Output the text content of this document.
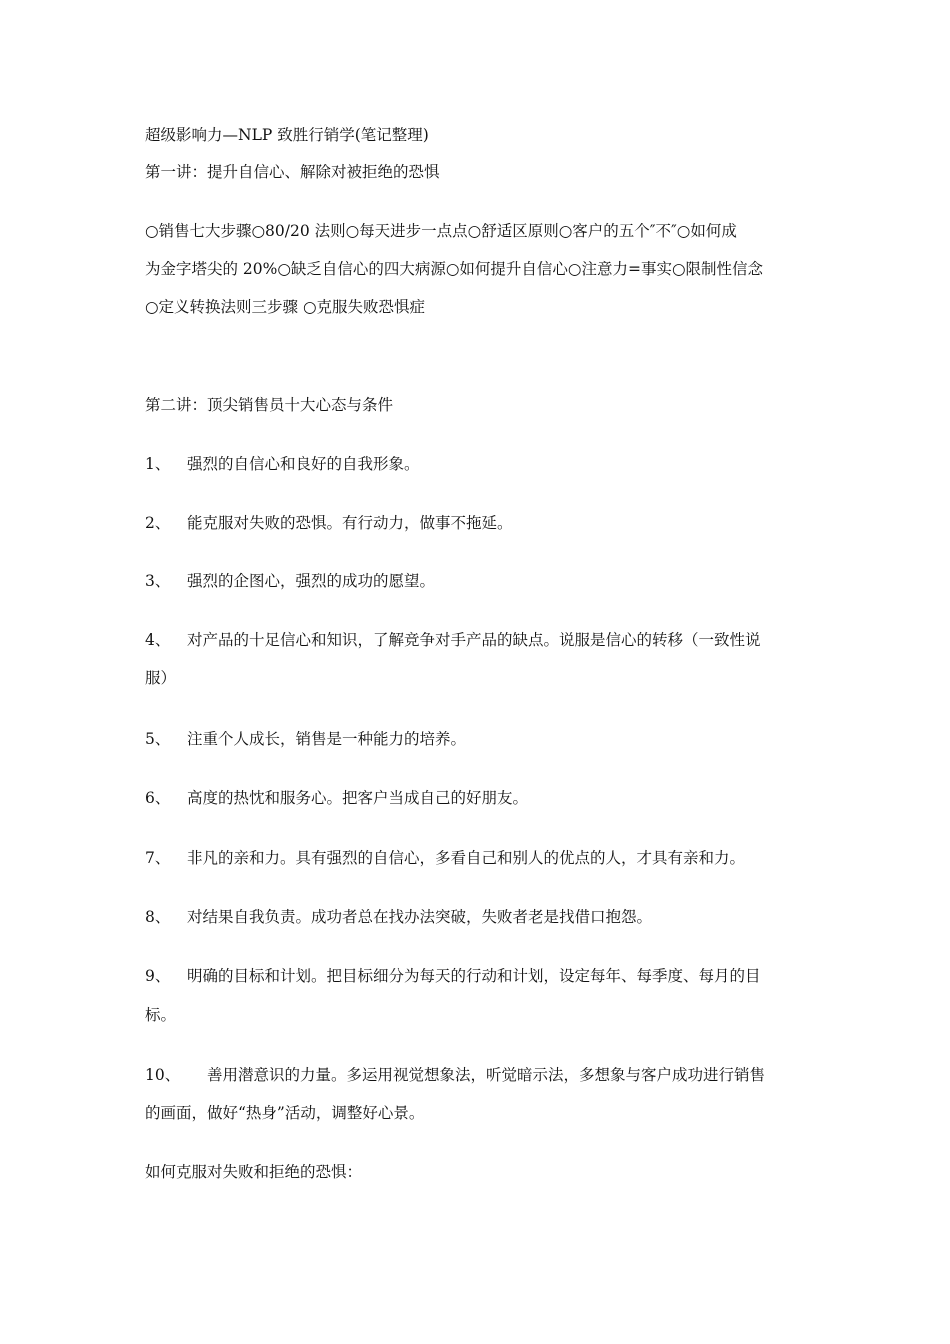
超级影响力—NLP 致胜行销学(笔记整理)
第一讲：提升自信心、解除对被拒绝的恐惧
○销售七大步骤○80/20 法则○每天进步一点点○舒适区原则○客户的五个″不″○如何成
为金字塔尖的 20%○缺乏自信心的四大病源○如何提升自信心○注意力=事实○限制性信念
○定义转换法则三步骤 ○克服失败恐惧症
第二讲：顶尖销售员十大心态与条件
1、 强烈的自信心和良好的自我形象。
2、 能克服对失败的恐惧。有行动力，做事不拖延。
3、 强烈的企图心，强烈的成功的愿望。
4、 对产品的十足信心和知识，了解竞争对手产品的缺点。说服是信心的转移（一致性说
服）
5、 注重个人成长，销售是一种能力的培养。
6、 高度的热忱和服务心。把客户当成自己的好朋友。
7、 非凡的亲和力。具有强烈的自信心，多看自己和别人的优点的人，才具有亲和力。
8、 对结果自我负责。成功者总在找办法突破，失败者老是找借口抱怨。
9、 明确的目标和计划。把目标细分为每天的行动和计划，设定每年、每季度、每月的目
标。
10、 善用潜意识的力量。多运用视觉想象法，听觉暗示法，多想象与客户成功进行销售
的画面，做好“热身”活动，调整好心景。
如何克服对失败和拒绝的恐惧：
